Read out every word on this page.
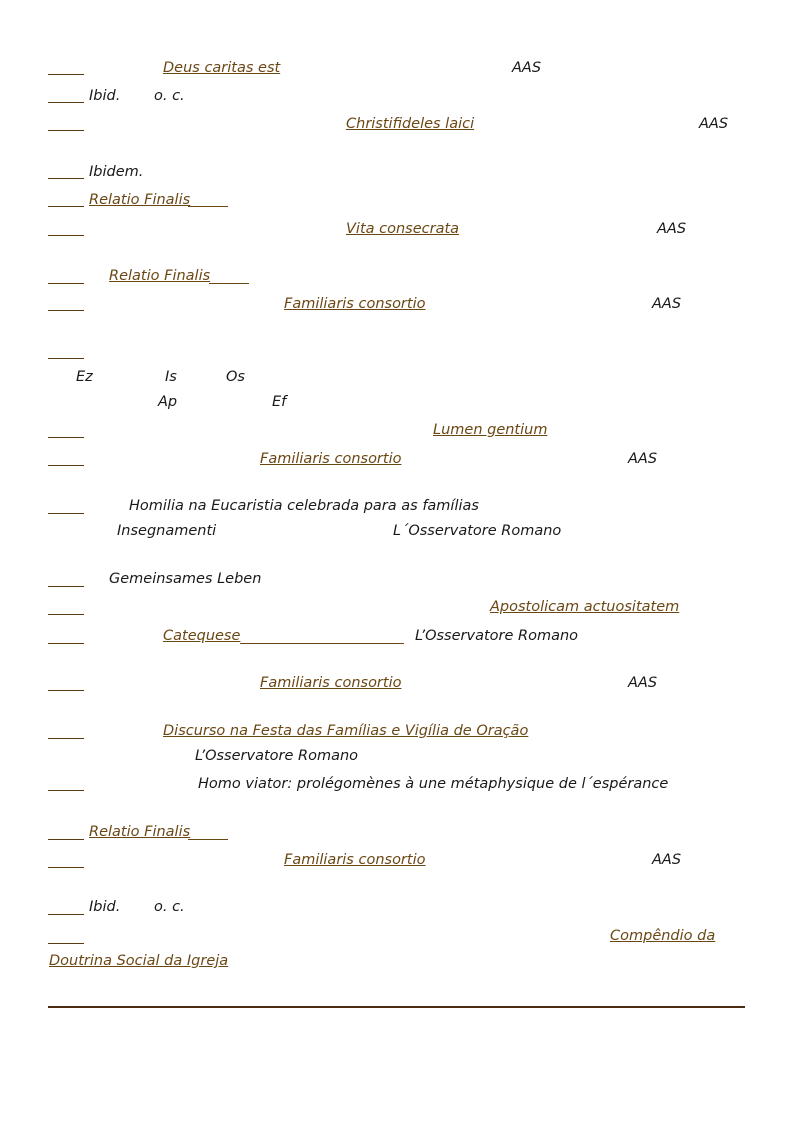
Deus caritas est	AAS
Ibid. o. c.
Christifideles laici	AAS
Ibidem.
Relatio Finalis
Vita consecrata	AAS
Relatio Finalis
Familiaris consortio	AAS
Ez	Is	Os
Ap	Ef
Lumen gentium
Familiaris consortio	AAS
Homilia na Eucaristia celebrada para as famílias
Insegnamenti	L´Osservatore Romano
Gemeinsames Leben
Apostolicam actuositatem
Catequese	L’Osservatore Romano
Familiaris consortio	AAS
Discurso na Festa das Famílias e Vigília de Oração
L’Osservatore Romano
Homo viator: prolégomènes à une métaphysique de l´espérance
Relatio Finalis
Familiaris consortio	AAS
Ibid. o. c.
Compêndio da
Doutrina Social da Igreja
